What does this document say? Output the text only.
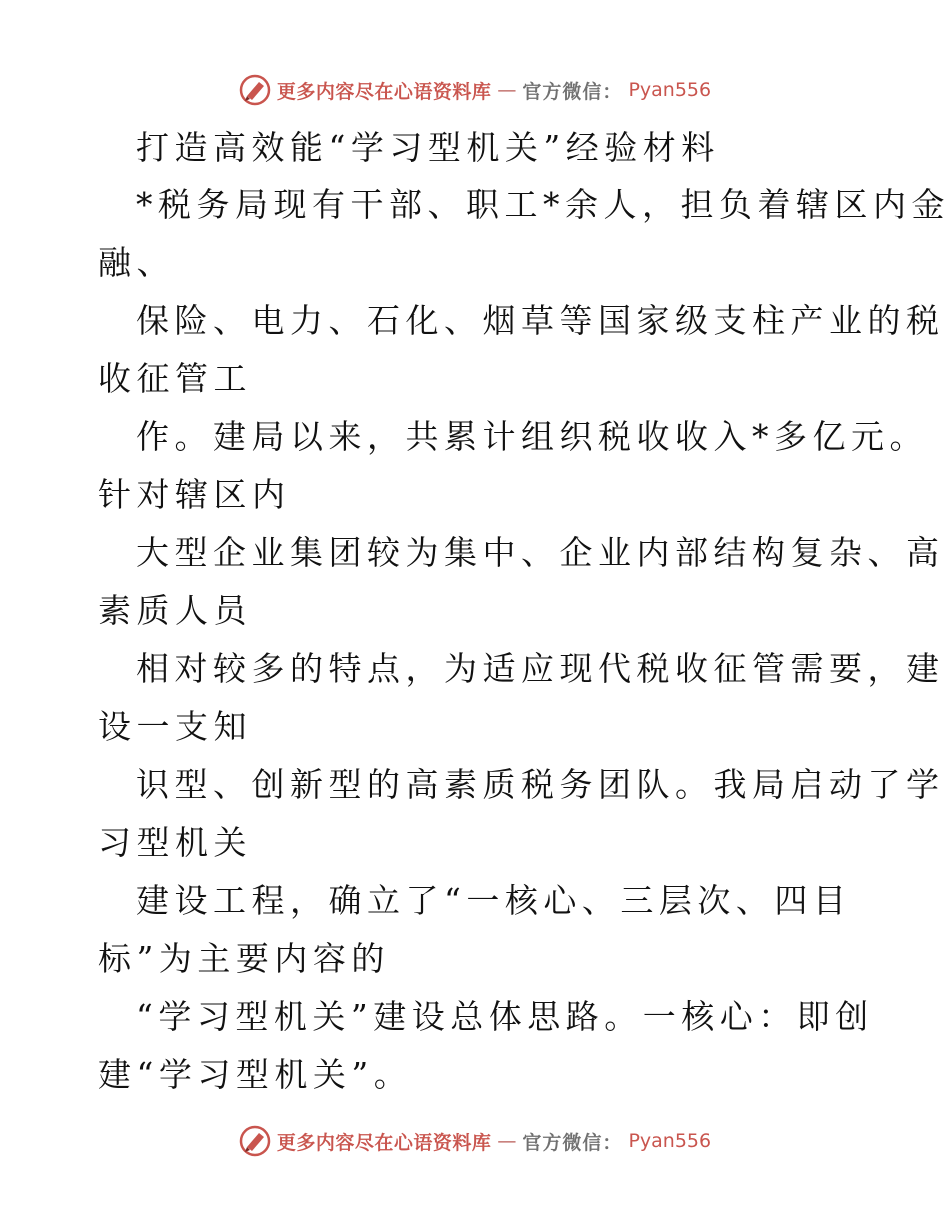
更多内容尽在心语资料库 — 官方微信： Pyan556
打造高效能“学习型机关”经验材料
*税务局现有干部、职工*余人，担负着辖区内金
融、
保险、电力、石化、烟草等国家级支柱产业的税
收征管工
作。建局以来，共累计组织税收收入*多亿元。
针对辖区内
大型企业集团较为集中、企业内部结构复杂、高
素质人员
相对较多的特点，为适应现代税收征管需要，建
设一支知
识型、创新型的高素质税务团队。我局启动了学
习型机关
建设工程，确立了“一核心、三层次、四目
标”为主要内容的
“学习型机关”建设总体思路。一核心：即创
建“学习型机关”。
更多内容尽在心语资料库 — 官方微信： Pyan556
